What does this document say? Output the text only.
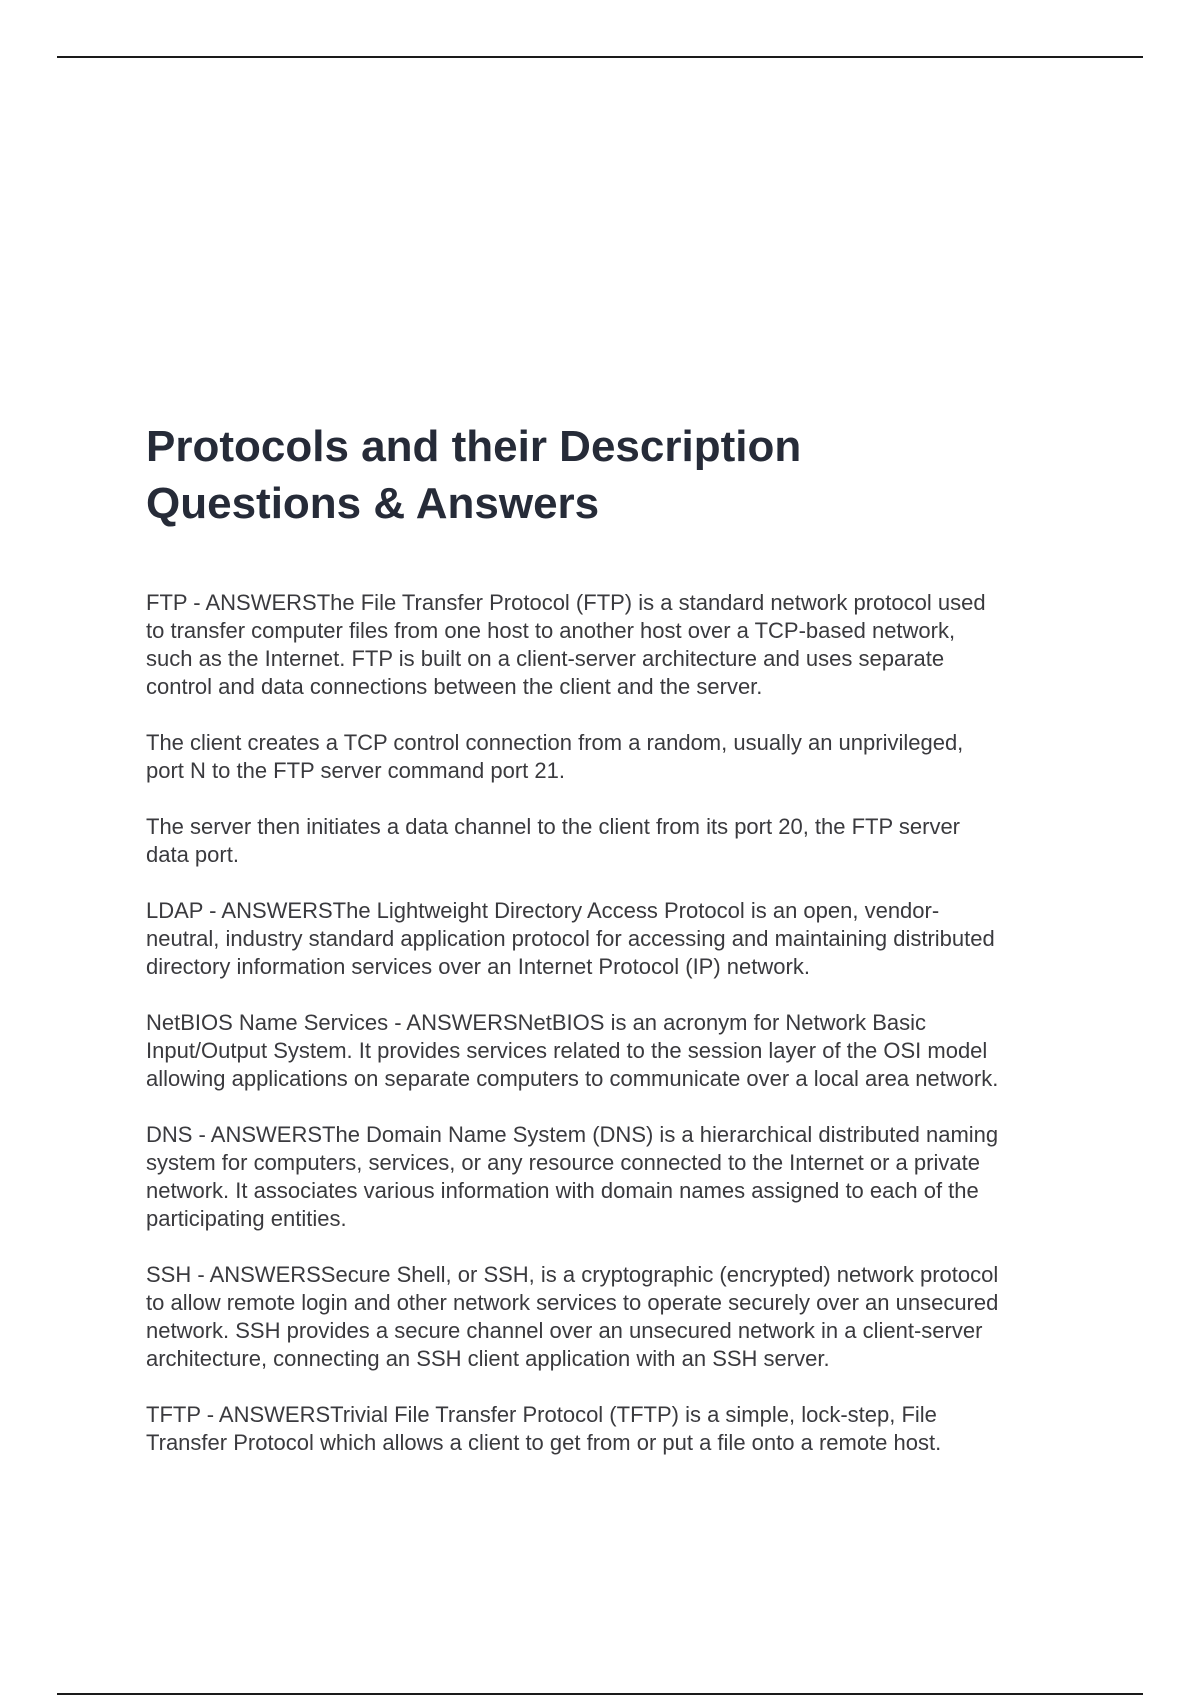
Protocols and their Description
Questions & Answers

FTP - ANSWERSThe File Transfer Protocol (FTP) is a standard network protocol used
to transfer computer files from one host to another host over a TCP-based network,
such as the Internet. FTP is built on a client-server architecture and uses separate
control and data connections between the client and the server.

The client creates a TCP control connection from a random, usually an unprivileged,
port N to the FTP server command port 21.

The server then initiates a data channel to the client from its port 20, the FTP server
data port.

LDAP - ANSWERSThe Lightweight Directory Access Protocol is an open, vendor-
neutral, industry standard application protocol for accessing and maintaining distributed
directory information services over an Internet Protocol (IP) network.

NetBIOS Name Services - ANSWERSNetBIOS is an acronym for Network Basic
Input/Output System. It provides services related to the session layer of the OSI model
allowing applications on separate computers to communicate over a local area network.

DNS - ANSWERSThe Domain Name System (DNS) is a hierarchical distributed naming
system for computers, services, or any resource connected to the Internet or a private
network. It associates various information with domain names assigned to each of the
participating entities.

SSH - ANSWERSSecure Shell, or SSH, is a cryptographic (encrypted) network protocol
to allow remote login and other network services to operate securely over an unsecured
network. SSH provides a secure channel over an unsecured network in a client-server
architecture, connecting an SSH client application with an SSH server.

TFTP - ANSWERSTrivial File Transfer Protocol (TFTP) is a simple, lock-step, File
Transfer Protocol which allows a client to get from or put a file onto a remote host.
